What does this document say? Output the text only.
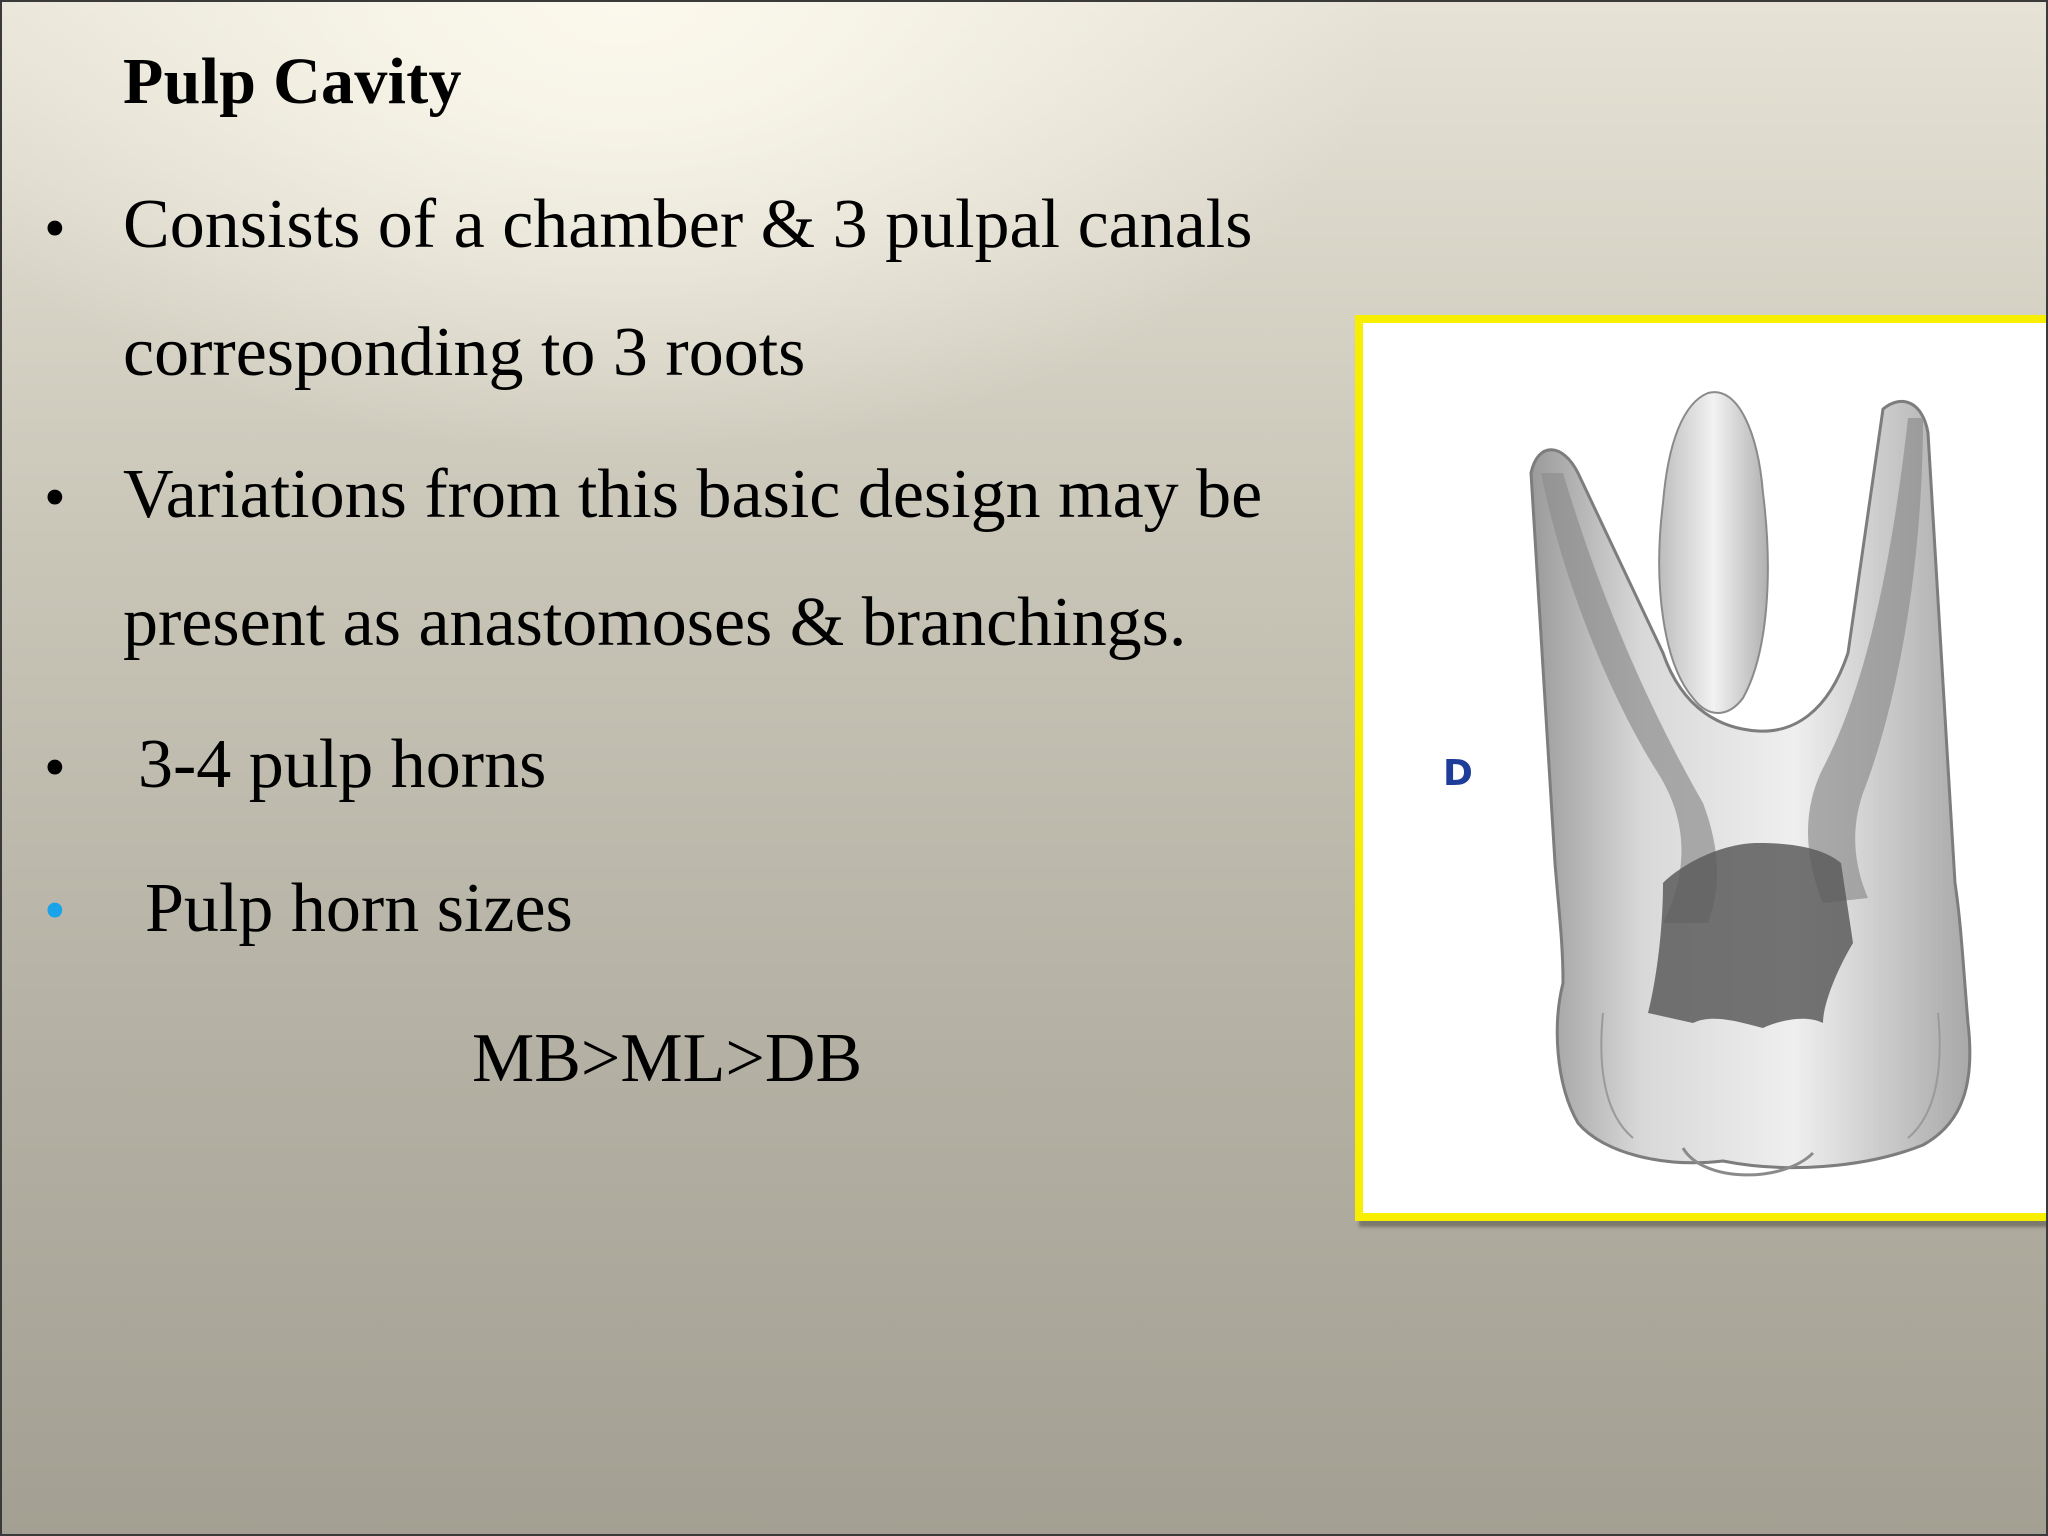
Pulp Cavity
• Consists of a chamber & 3 pulpal canals
corresponding to 3 roots
• Variations from this basic design may be
present as anastomoses & branchings.
• 3-4 pulp horns
• Pulp horn sizes
MB>ML>DB
D
